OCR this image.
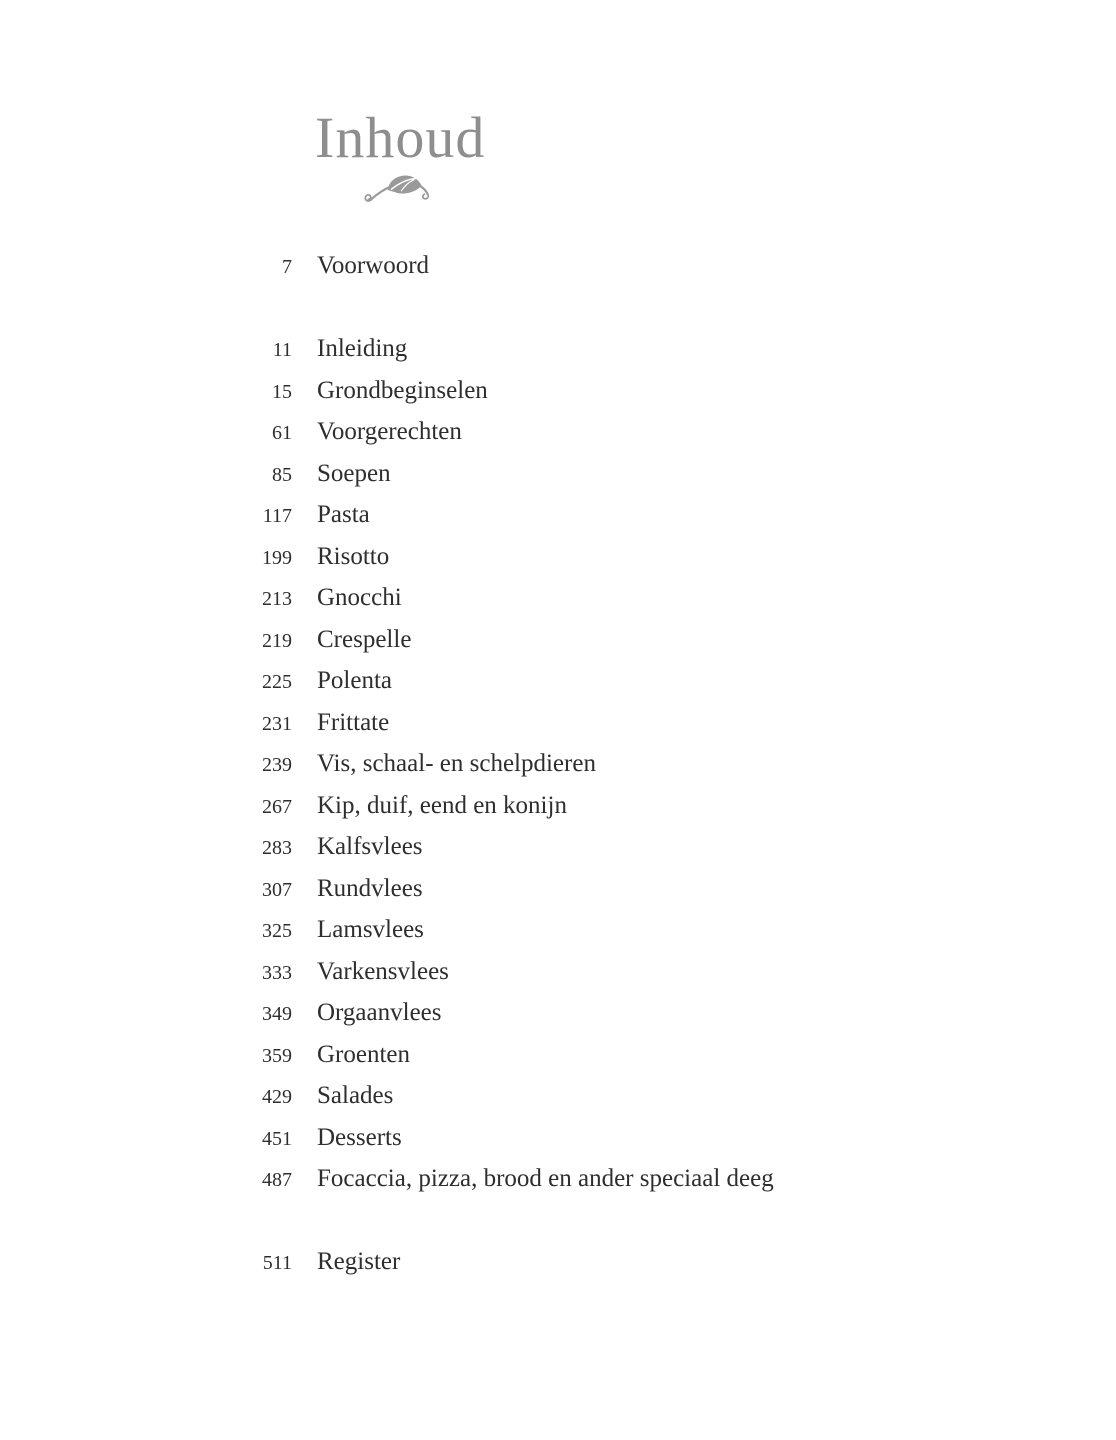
Inhoud
7 Voorwoord
11 Inleiding
15 Grondbeginselen
61 Voorgerechten
85 Soepen
117 Pasta
199 Risotto
213 Gnocchi
219 Crespelle
225 Polenta
231 Frittate
239 Vis, schaal- en schelpdieren
267 Kip, duif, eend en konijn
283 Kalfsvlees
307 Rundvlees
325 Lamsvlees
333 Varkensvlees
349 Orgaanvlees
359 Groenten
429 Salades
451 Desserts
487 Focaccia, pizza, brood en ander speciaal deeg
511 Register
